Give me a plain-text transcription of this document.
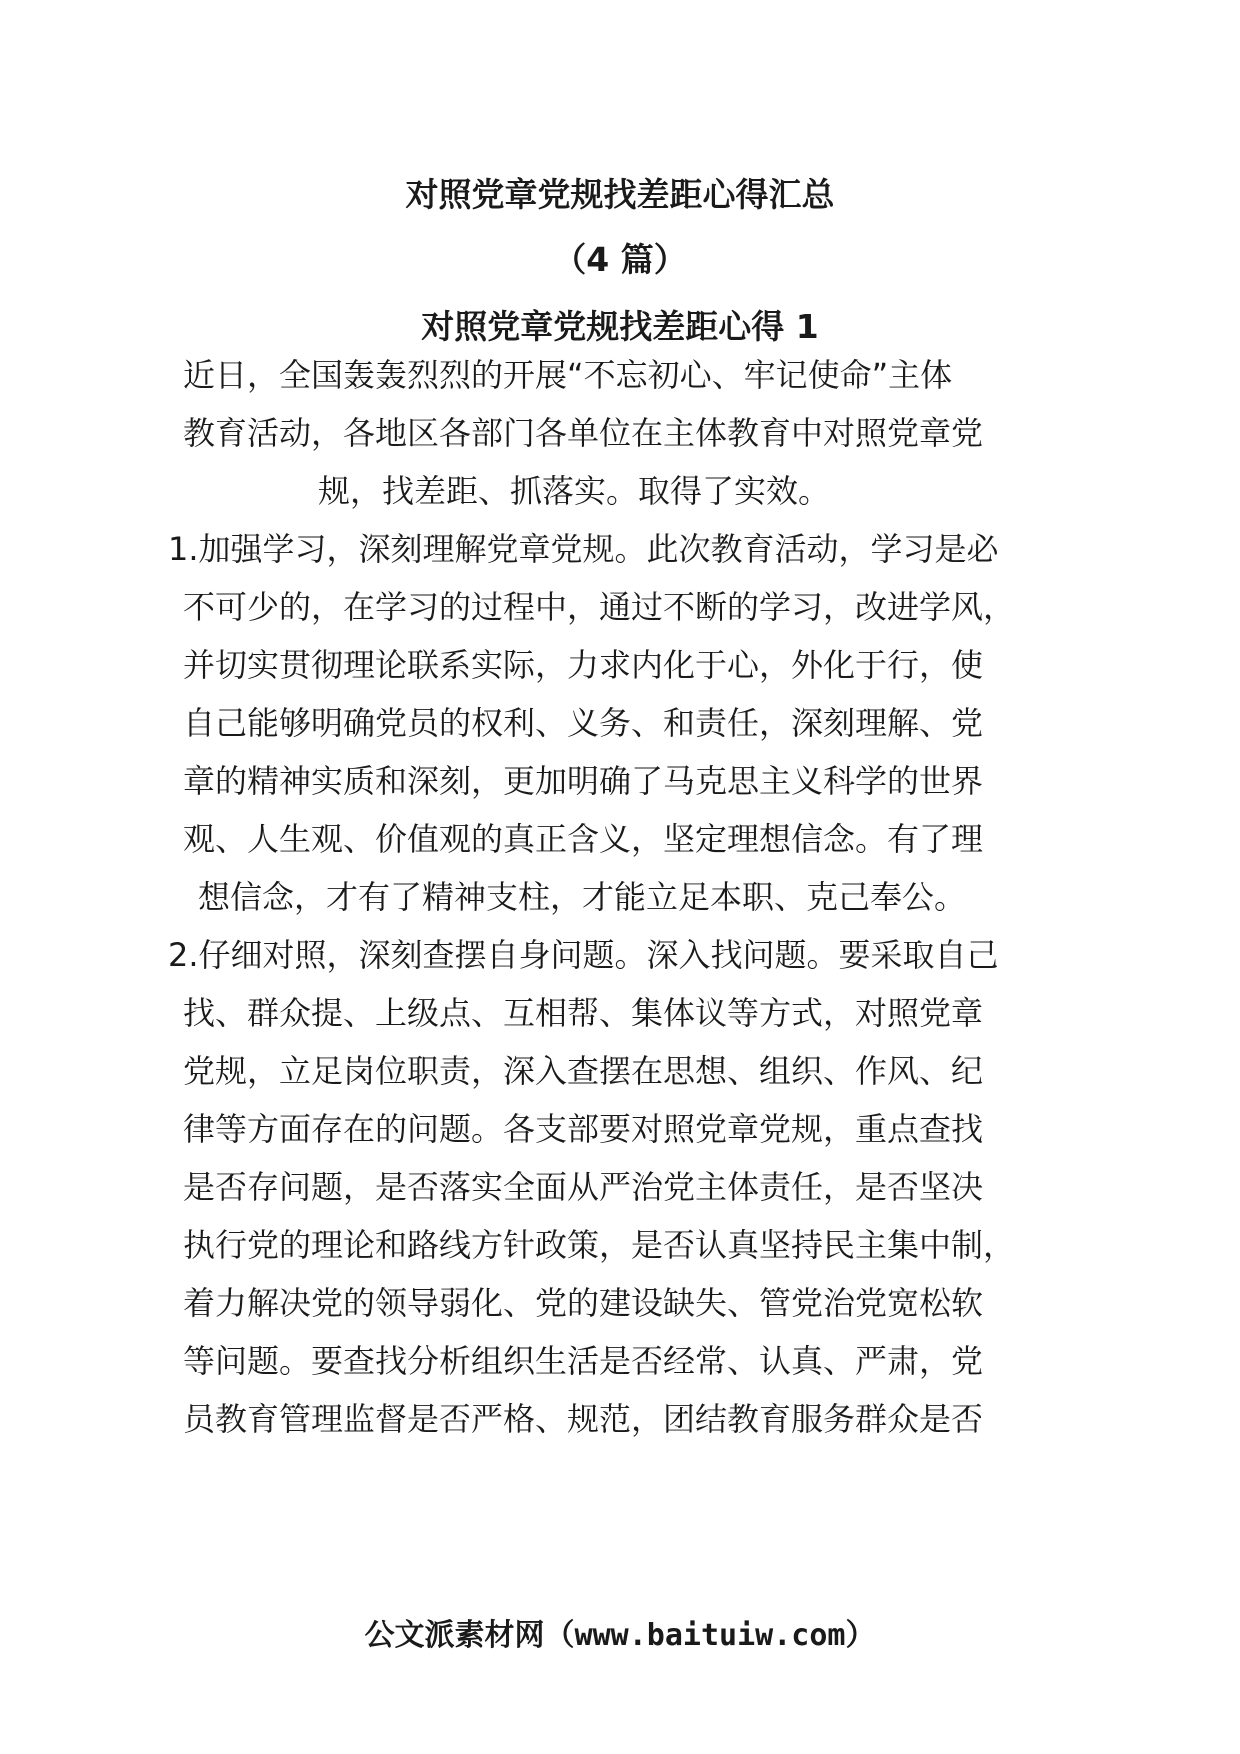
对照党章党规找差距心得汇总
（4 篇）
对照党章党规找差距心得 1

近日，全国轰轰烈烈的开展“不忘初心、牢记使命”主体

教育活动，各地区各部门各单位在主体教育中对照党章党

规，找差距、抓落实。取得了实效。

1.加强学习，深刻理解党章党规。此次教育活动，学习是必

不可少的，在学习的过程中，通过不断的学习，改进学风，

并切实贯彻理论联系实际，力求内化于心，外化于行，使

自己能够明确党员的权利、义务、和责任，深刻理解、党

章的精神实质和深刻，更加明确了马克思主义科学的世界

观、人生观、价值观的真正含义，坚定理想信念。有了理

想信念，才有了精神支柱，才能立足本职、克己奉公。

2.仔细对照，深刻查摆自身问题。深入找问题。要采取自己

找、群众提、上级点、互相帮、集体议等方式，对照党章

党规，立足岗位职责，深入查摆在思想、组织、作风、纪

律等方面存在的问题。各支部要对照党章党规，重点查找

是否存问题，是否落实全面从严治党主体责任，是否坚决

执行党的理论和路线方针政策，是否认真坚持民主集中制，

着力解决党的领导弱化、党的建设缺失、管党治党宽松软

等问题。要查找分析组织生活是否经常、认真、严肃，党

员教育管理监督是否严格、规范，团结教育服务群众是否

公文派素材网（www.baituiw.com）
